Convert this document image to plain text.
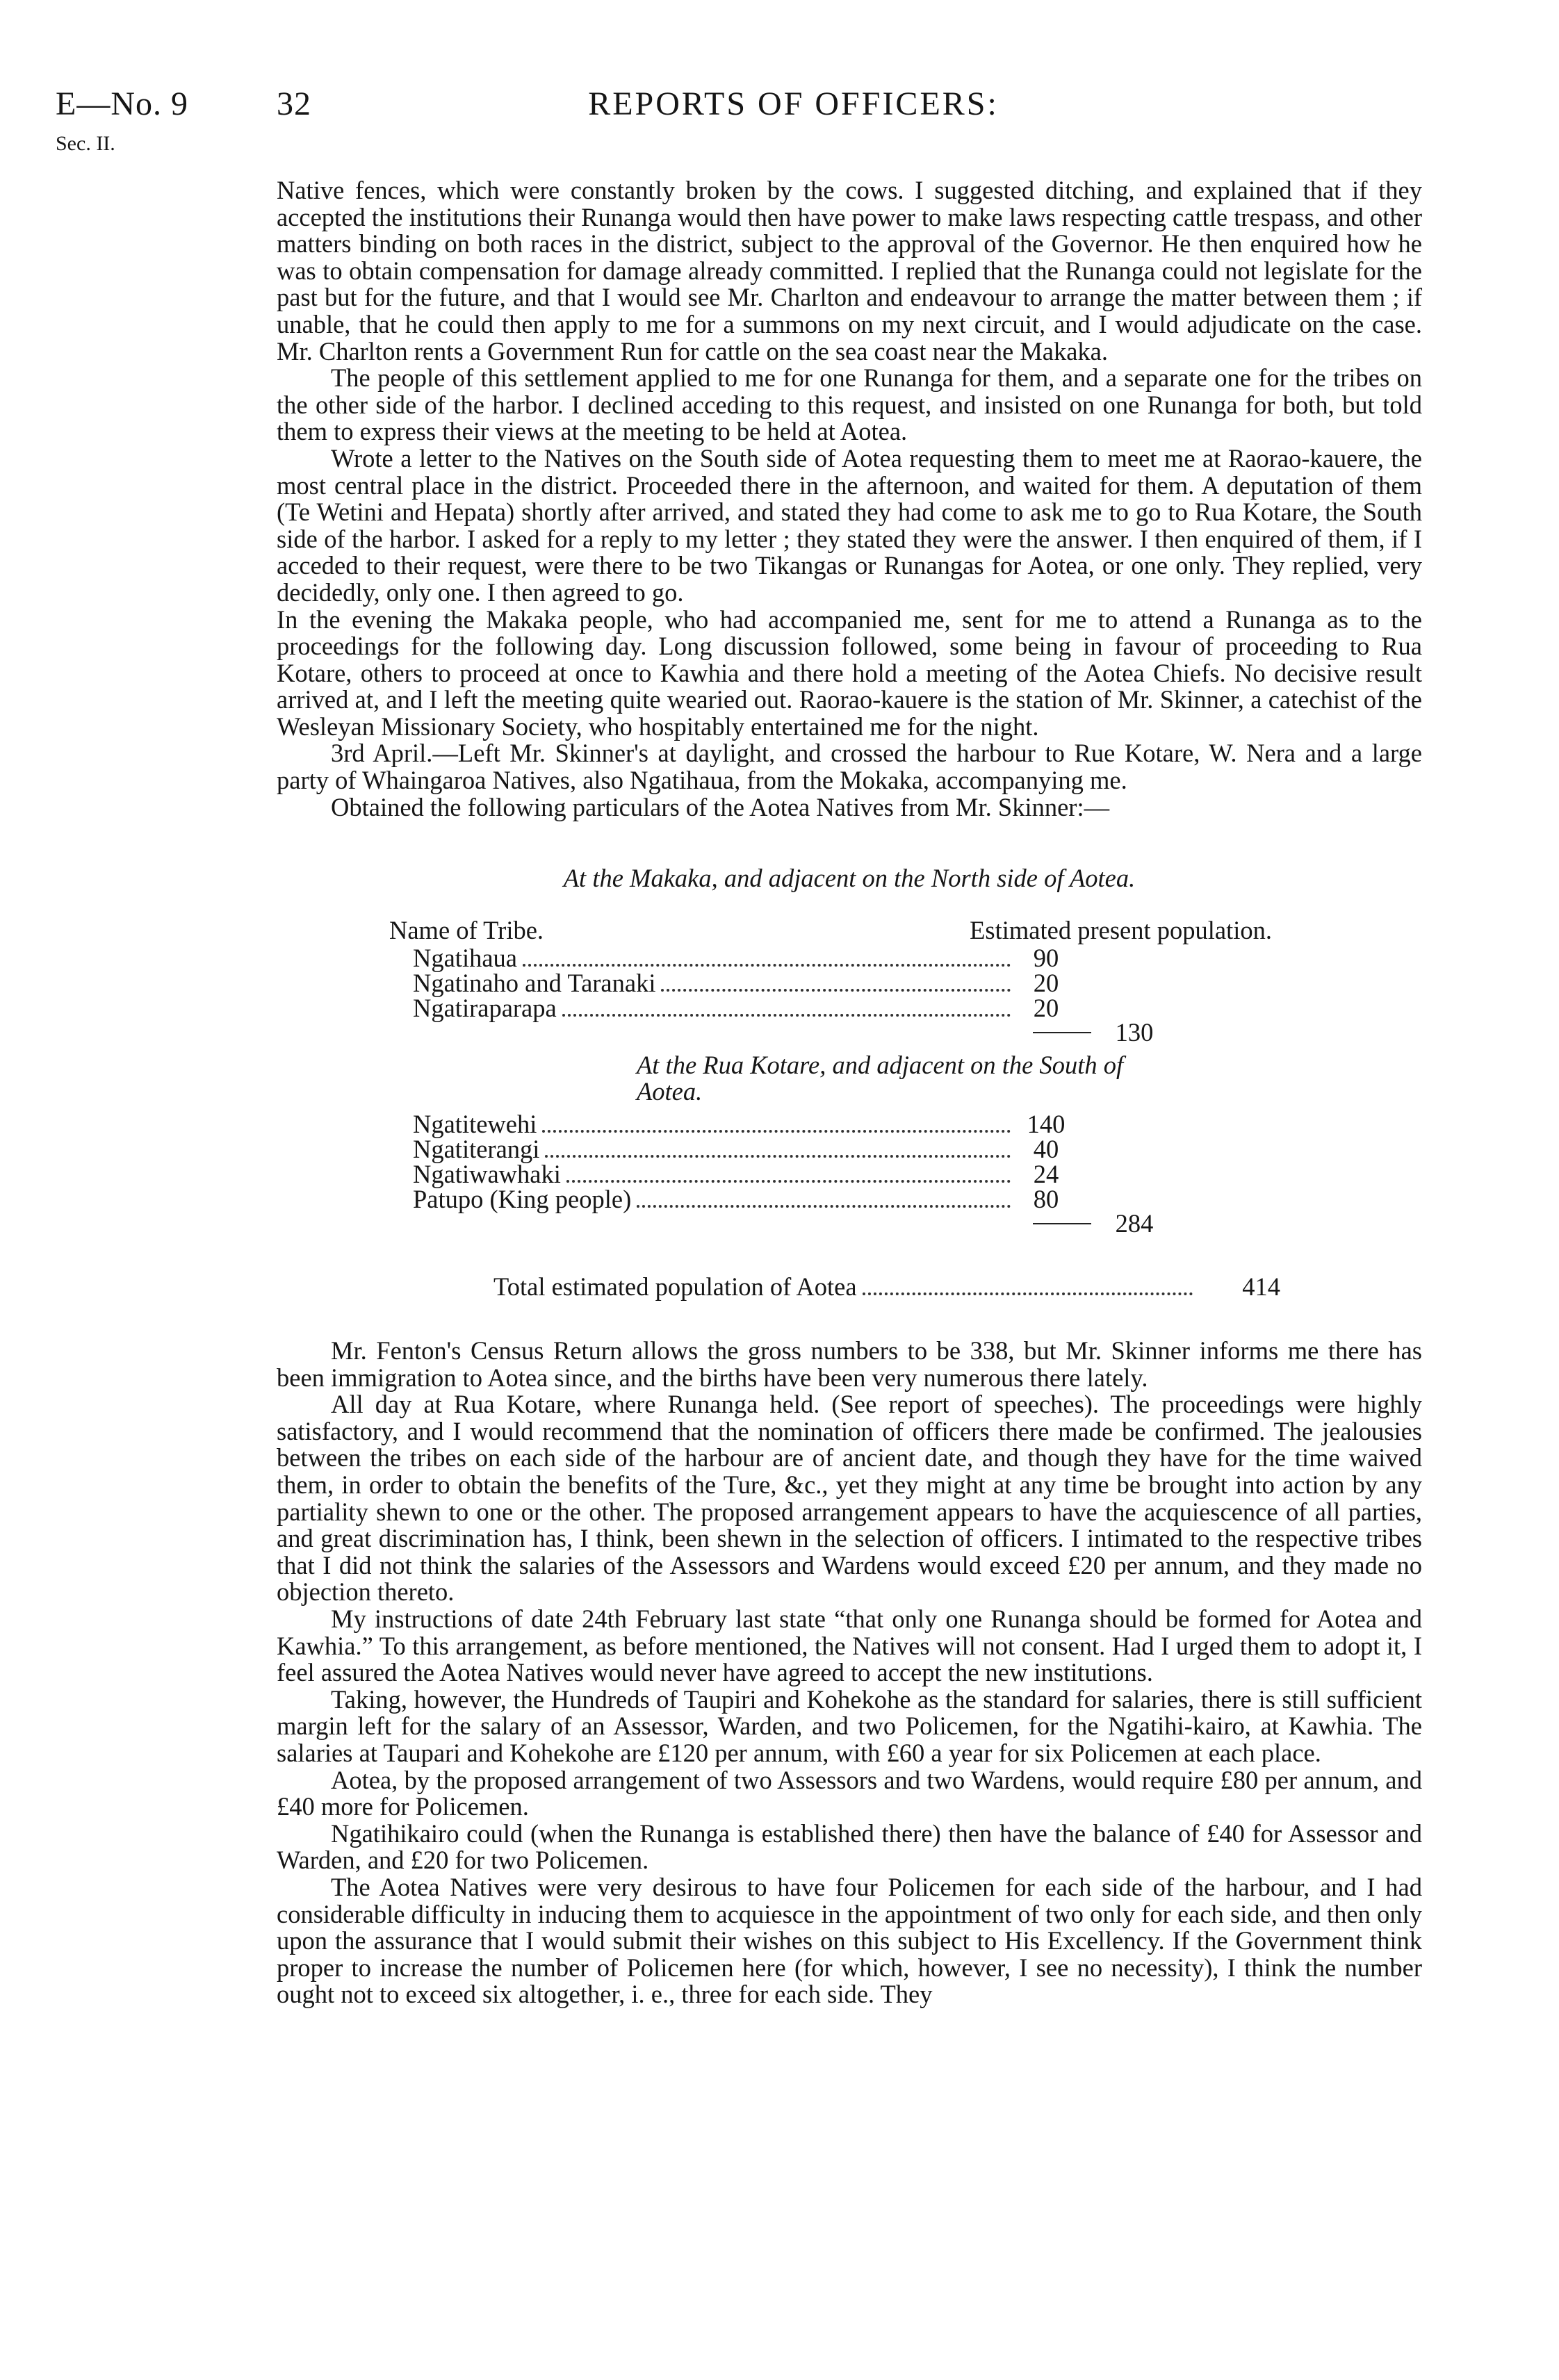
E—No. 9	32	REPORTS OF OFFICERS:
Sec. II.

Native fences, which were constantly broken by the cows. I suggested ditching, and explained that if they accepted the institutions their Runanga would then have power to make laws respecting cattle trespass, and other matters binding on both races in the district, subject to the approval of the Governor. He then enquired how he was to obtain compensation for damage already committed. I replied that the Runanga could not legislate for the past but for the future, and that I would see Mr. Charlton and endeavour to arrange the matter between them ; if unable, that he could then apply to me for a summons on my next circuit, and I would adjudicate on the case. Mr. Charlton rents a Government Run for cattle on the sea coast near the Makaka.

The people of this settlement applied to me for one Runanga for them, and a separate one for the tribes on the other side of the harbor. I declined acceding to this request, and insisted on one Runanga for both, but told them to express their views at the meeting to be held at Aotea.

Wrote a letter to the Natives on the South side of Aotea requesting them to meet me at Raorao-kauere, the most central place in the district. Proceeded there in the afternoon, and waited for them. A deputation of them (Te Wetini and Hepata) shortly after arrived, and stated they had come to ask me to go to Rua Kotare, the South side of the harbor. I asked for a reply to my letter ; they stated they were the answer. I then enquired of them, if I acceded to their request, were there to be two Tikangas or Runangas for Aotea, or one only. They replied, very decidedly, only one. I then agreed to go.

In the evening the Makaka people, who had accompanied me, sent for me to attend a Runanga as to the proceedings for the following day. Long discussion followed, some being in favour of proceeding to Rua Kotare, others to proceed at once to Kawhia and there hold a meeting of the Aotea Chiefs. No decisive result arrived at, and I left the meeting quite wearied out. Raorao-kauere is the station of Mr. Skinner, a catechist of the Wesleyan Missionary Society, who hospitably entertained me for the night.

3rd April.—Left Mr. Skinner's at daylight, and crossed the harbour to Rue Kotare, W. Nera and a large party of Whaingaroa Natives, also Ngatihaua, from the Mokaka, accompanying me.

Obtained the following particulars of the Aotea Natives from Mr. Skinner:—

At the Makaka, and adjacent on the North side of Aotea.
Name of Tribe.	Estimated present population.
Ngatihaua	90
Ngatinaho and Taranaki	20
Ngatiraparapa	20
130
At the Rua Kotare, and adjacent on the South of Aotea.
Ngatitewehi	140
Ngatiterangi	40
Ngatiwawhaki	24
Patupo (King people)	80
284
Total estimated population of Aotea	414

Mr. Fenton's Census Return allows the gross numbers to be 338, but Mr. Skinner informs me there has been immigration to Aotea since, and the births have been very numerous there lately.

All day at Rua Kotare, where Runanga held. (See report of speeches). The proceedings were highly satisfactory, and I would recommend that the nomination of officers there made be confirmed. The jealousies between the tribes on each side of the harbour are of ancient date, and though they have for the time waived them, in order to obtain the benefits of the Ture, &c., yet they might at any time be brought into action by any partiality shewn to one or the other. The proposed arrangement appears to have the acquiescence of all parties, and great discrimination has, I think, been shewn in the selection of officers. I intimated to the respective tribes that I did not think the salaries of the Assessors and Wardens would exceed £20 per annum, and they made no objection thereto.

My instructions of date 24th February last state “that only one Runanga should be formed for Aotea and Kawhia.” To this arrangement, as before mentioned, the Natives will not consent. Had I urged them to adopt it, I feel assured the Aotea Natives would never have agreed to accept the new institutions.

Taking, however, the Hundreds of Taupiri and Kohekohe as the standard for salaries, there is still sufficient margin left for the salary of an Assessor, Warden, and two Policemen, for the Ngatihi-kairo, at Kawhia. The salaries at Taupari and Kohekohe are £120 per annum, with £60 a year for six Policemen at each place.

Aotea, by the proposed arrangement of two Assessors and two Wardens, would require £80 per annum, and £40 more for Policemen.

Ngatihikairo could (when the Runanga is established there) then have the balance of £40 for Assessor and Warden, and £20 for two Policemen.

The Aotea Natives were very desirous to have four Policemen for each side of the harbour, and I had considerable difficulty in inducing them to acquiesce in the appointment of two only for each side, and then only upon the assurance that I would submit their wishes on this subject to His Excellency. If the Government think proper to increase the number of Policemen here (for which, however, I see no necessity), I think the number ought not to exceed six altogether, i. e., three for each side. They
